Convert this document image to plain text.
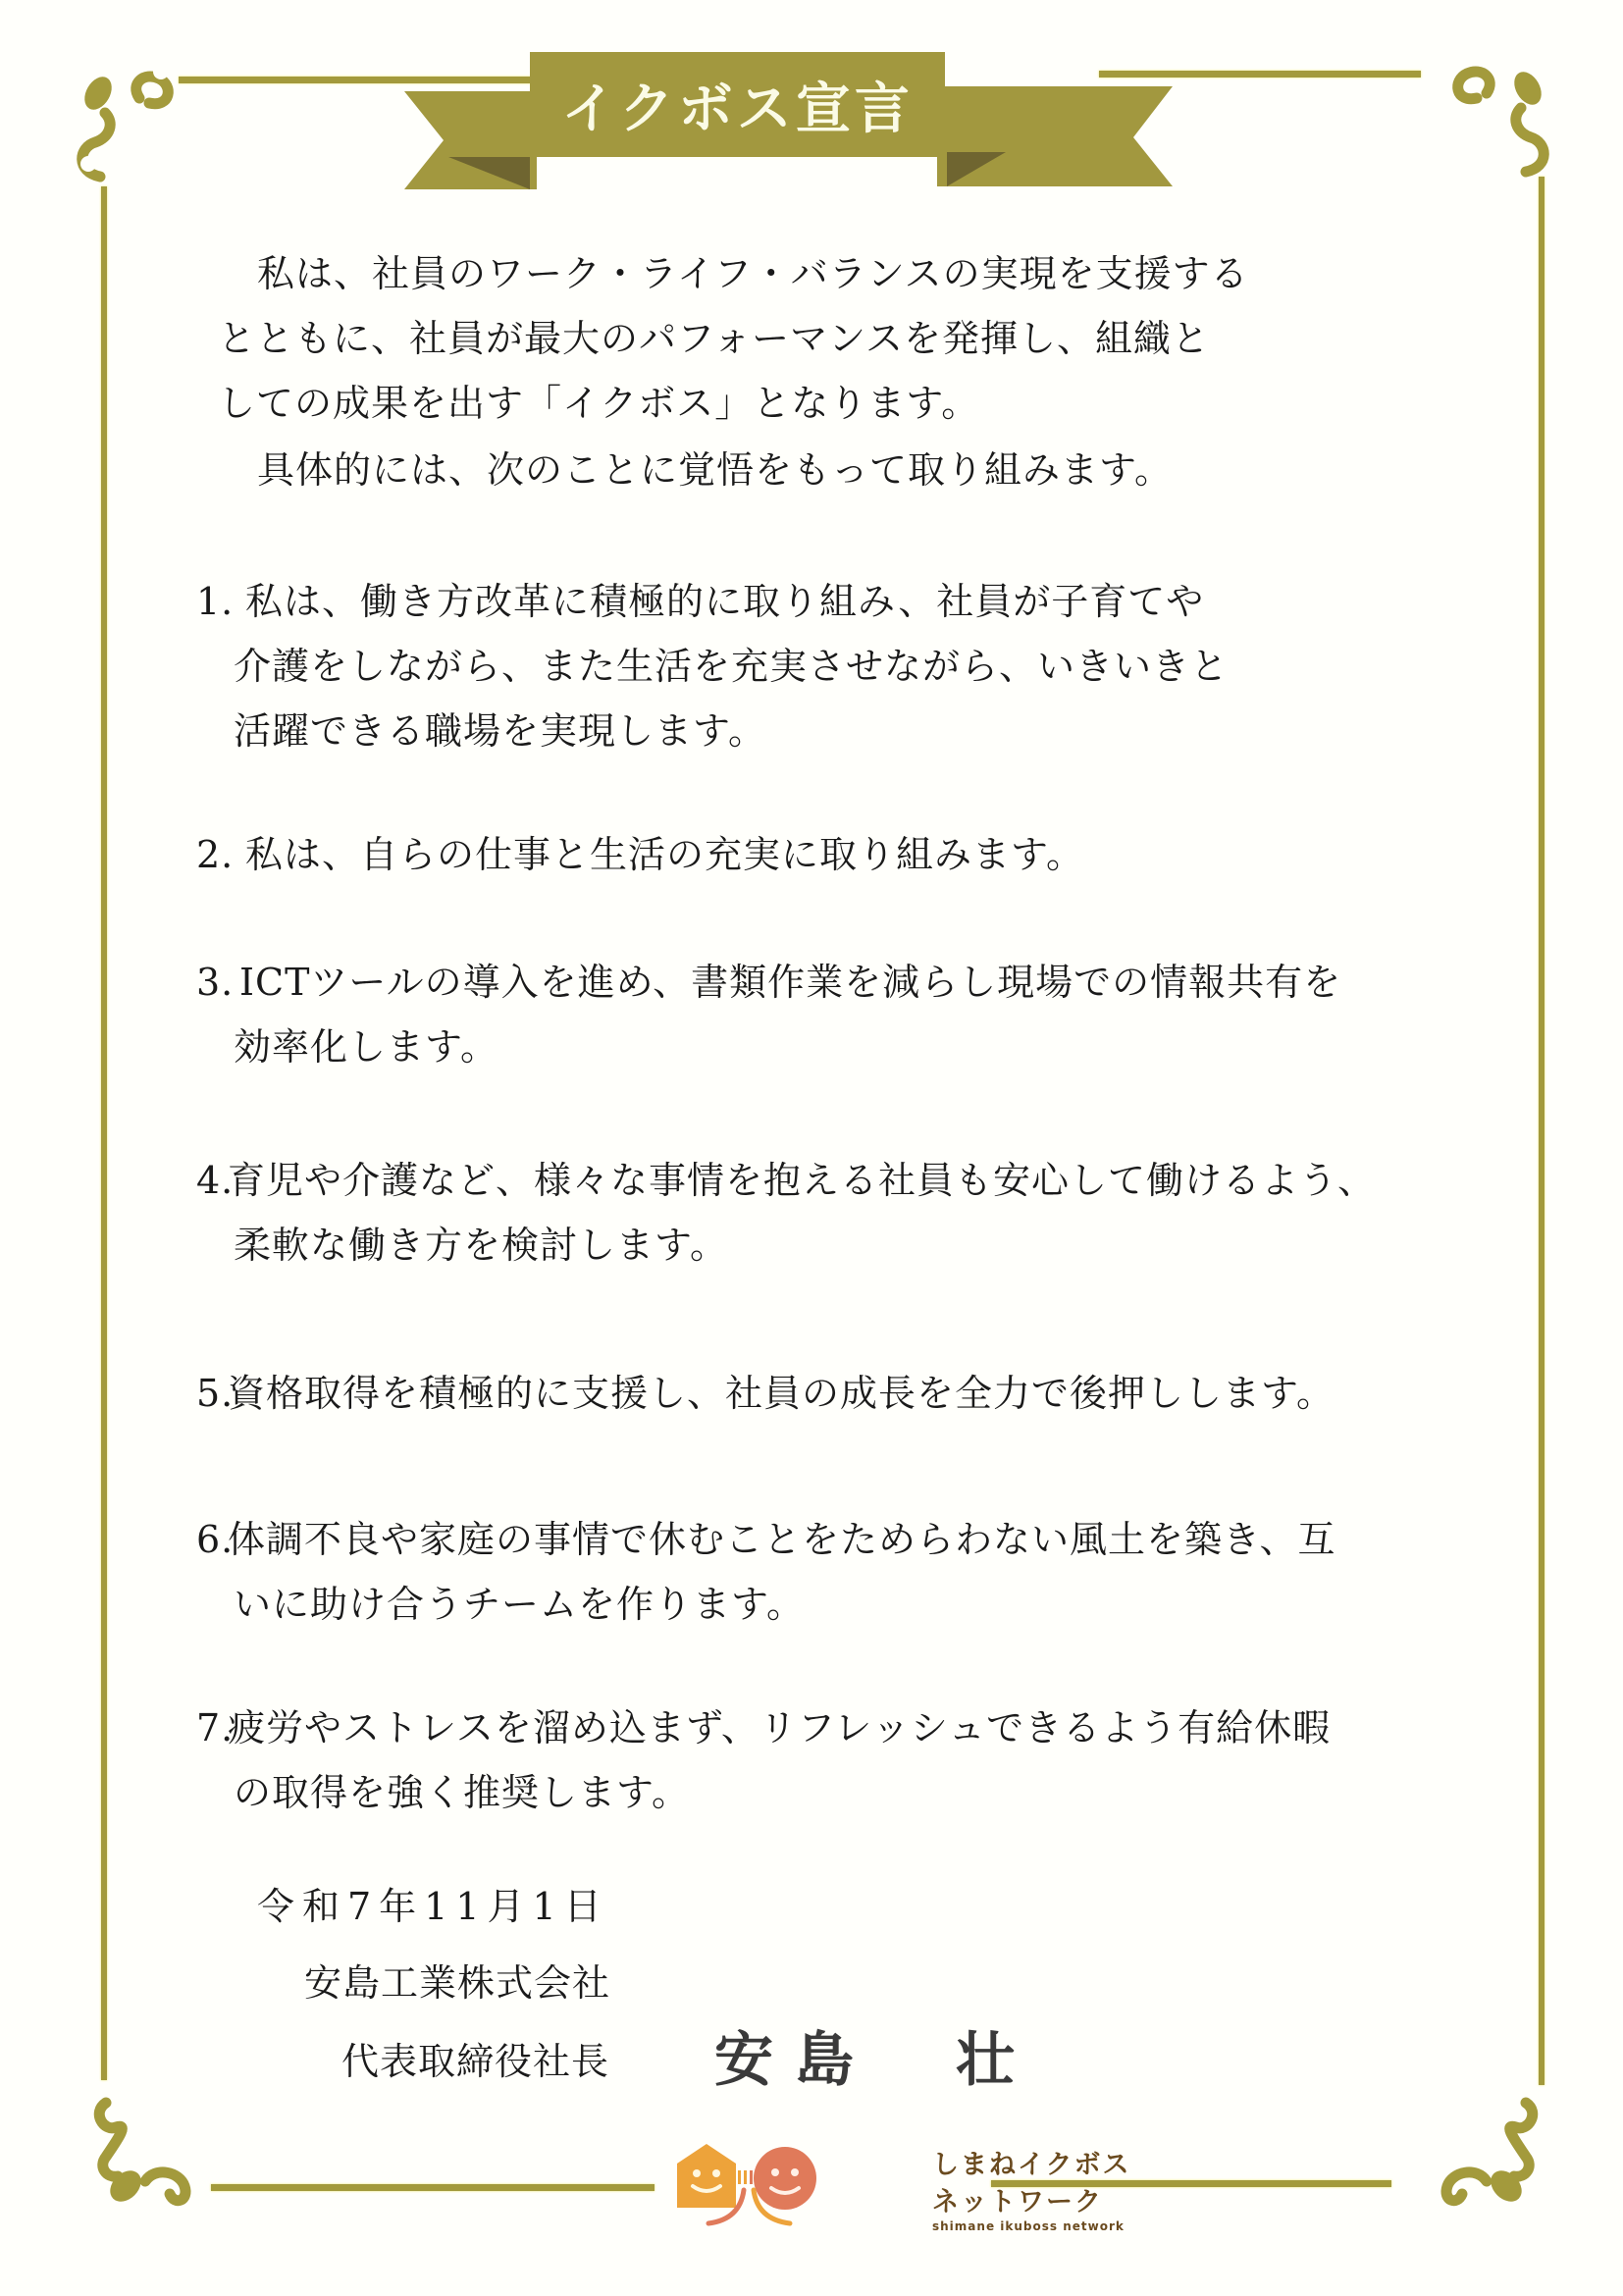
イクボス宣言
私は、社員のワーク・ライフ・バランスの実現を支援する
とともに、社員が最大のパフォーマンスを発揮し、組織と
しての成果を出す「イクボス」となります。
具体的には、次のことに覚悟をもって取り組みます。
1. 私は、働き方改革に積極的に取り組み、社員が子育てや
介護をしながら、また生活を充実させながら、いきいきと
活躍できる職場を実現します。
2. 私は、自らの仕事と生活の充実に取り組みます。
3. ICTツールの導入を進め、書類作業を減らし現場での情報共有を
効率化します。
4.育児や介護など、様々な事情を抱える社員も安心して働けるよう、
柔軟な働き方を検討します。
5.資格取得を積極的に支援し、社員の成長を全力で後押しします。
6.体調不良や家庭の事情で休むことをためらわない風土を築き、互
いに助け合うチームを作ります。
7.疲労やストレスを溜め込まず、リフレッシュできるよう有給休暇
の取得を強く推奨します。
令和7年11月1日
安島工業株式会社
代表取締役社長 安島　壮
しまねイクボス
ネットワーク
shimane ikuboss network
